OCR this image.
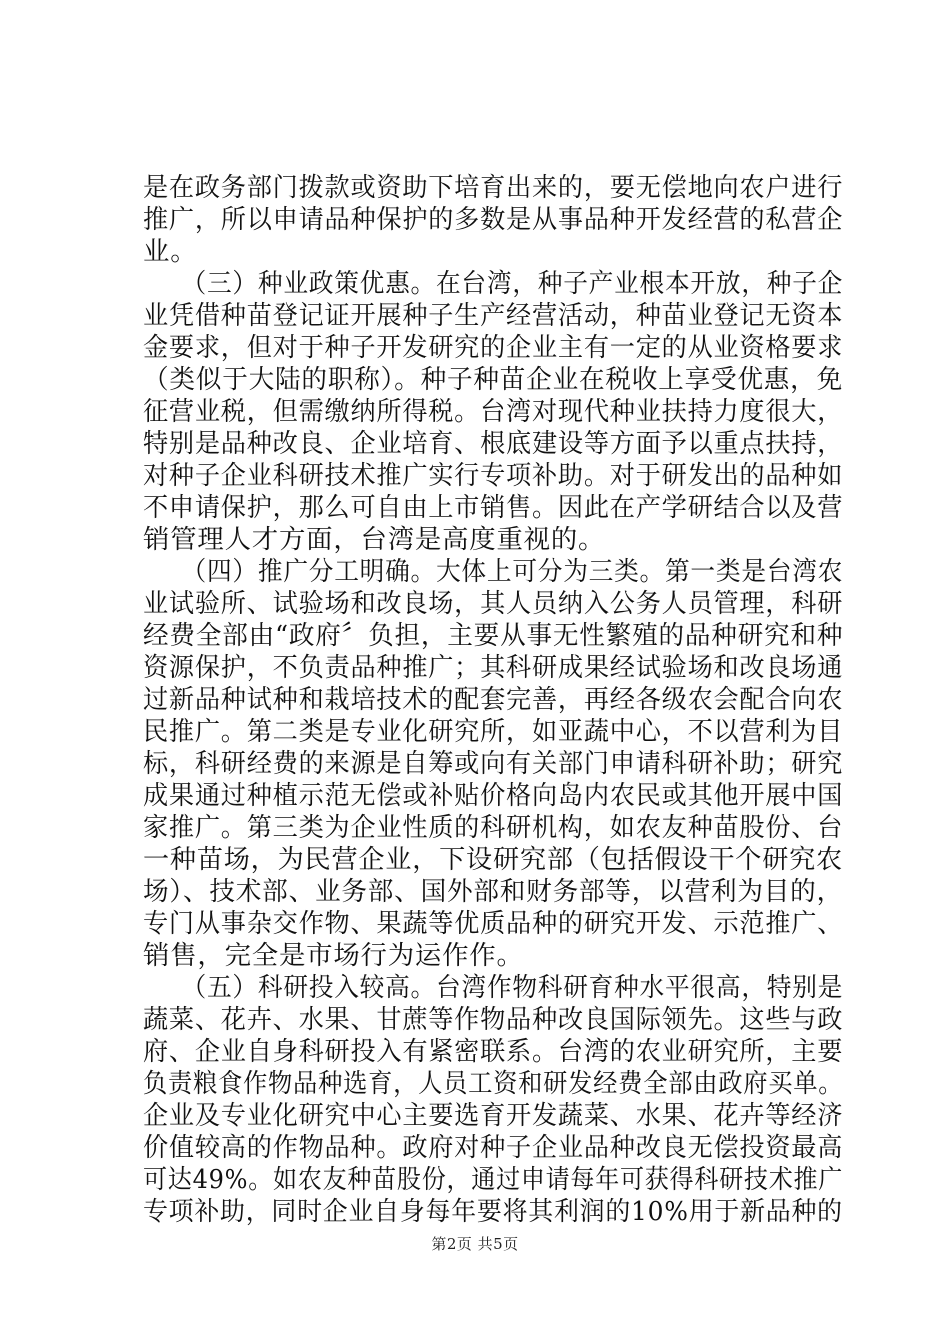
是在政务部门拨款或资助下培育出来的，要无偿地向农户进行
推广，所以申请品种保护的多数是从事品种开发经营的私营企
业。
　　（三）种业政策优惠。在台湾，种子产业根本开放，种子企
业凭借种苗登记证开展种子生产经营活动，种苗业登记无资本
金要求，但对于种子开发研究的企业主有一定的从业资格要求
（类似于大陆的职称）。种子种苗企业在税收上享受优惠，免
征营业税，但需缴纳所得税。台湾对现代种业扶持力度很大，
特别是品种改良、企业培育、根底建设等方面予以重点扶持，
对种子企业科研技术推广实行专项补助。对于研发出的品种如
不申请保护，那么可自由上市销售。因此在产学研结合以及营
销管理人才方面，台湾是高度重视的。
　　（四）推广分工明确。大体上可分为三类。第一类是台湾农
业试验所、试验场和改良场，其人员纳入公务人员管理，科研
经费全部由“政府〞负担，主要从事无性繁殖的品种研究和种
资源保护，不负责品种推广；其科研成果经试验场和改良场通
过新品种试种和栽培技术的配套完善，再经各级农会配合向农
民推广。第二类是专业化研究所，如亚蔬中心，不以营利为目
标，科研经费的来源是自筹或向有关部门申请科研补助；研究
成果通过种植示范无偿或补贴价格向岛内农民或其他开展中国
家推广。第三类为企业性质的科研机构，如农友种苗股份、台
一种苗场，为民营企业，下设研究部（包括假设干个研究农
场）、技术部、业务部、国外部和财务部等，以营利为目的，
专门从事杂交作物、果蔬等优质品种的研究开发、示范推广、
销售，完全是市场行为运作作。
　　（五）科研投入较高。台湾作物科研育种水平很高，特别是
蔬菜、花卉、水果、甘蔗等作物品种改良国际领先。这些与政
府、企业自身科研投入有紧密联系。台湾的农业研究所，主要
负责粮食作物品种选育，人员工资和研发经费全部由政府买单。
企业及专业化研究中心主要选育开发蔬菜、水果、花卉等经济
价值较高的作物品种。政府对种子企业品种改良无偿投资最高
可达49%。如农友种苗股份，通过申请每年可获得科研技术推广
专项补助，同时企业自身每年要将其利润的10%用于新品种的
第2页 共5页
